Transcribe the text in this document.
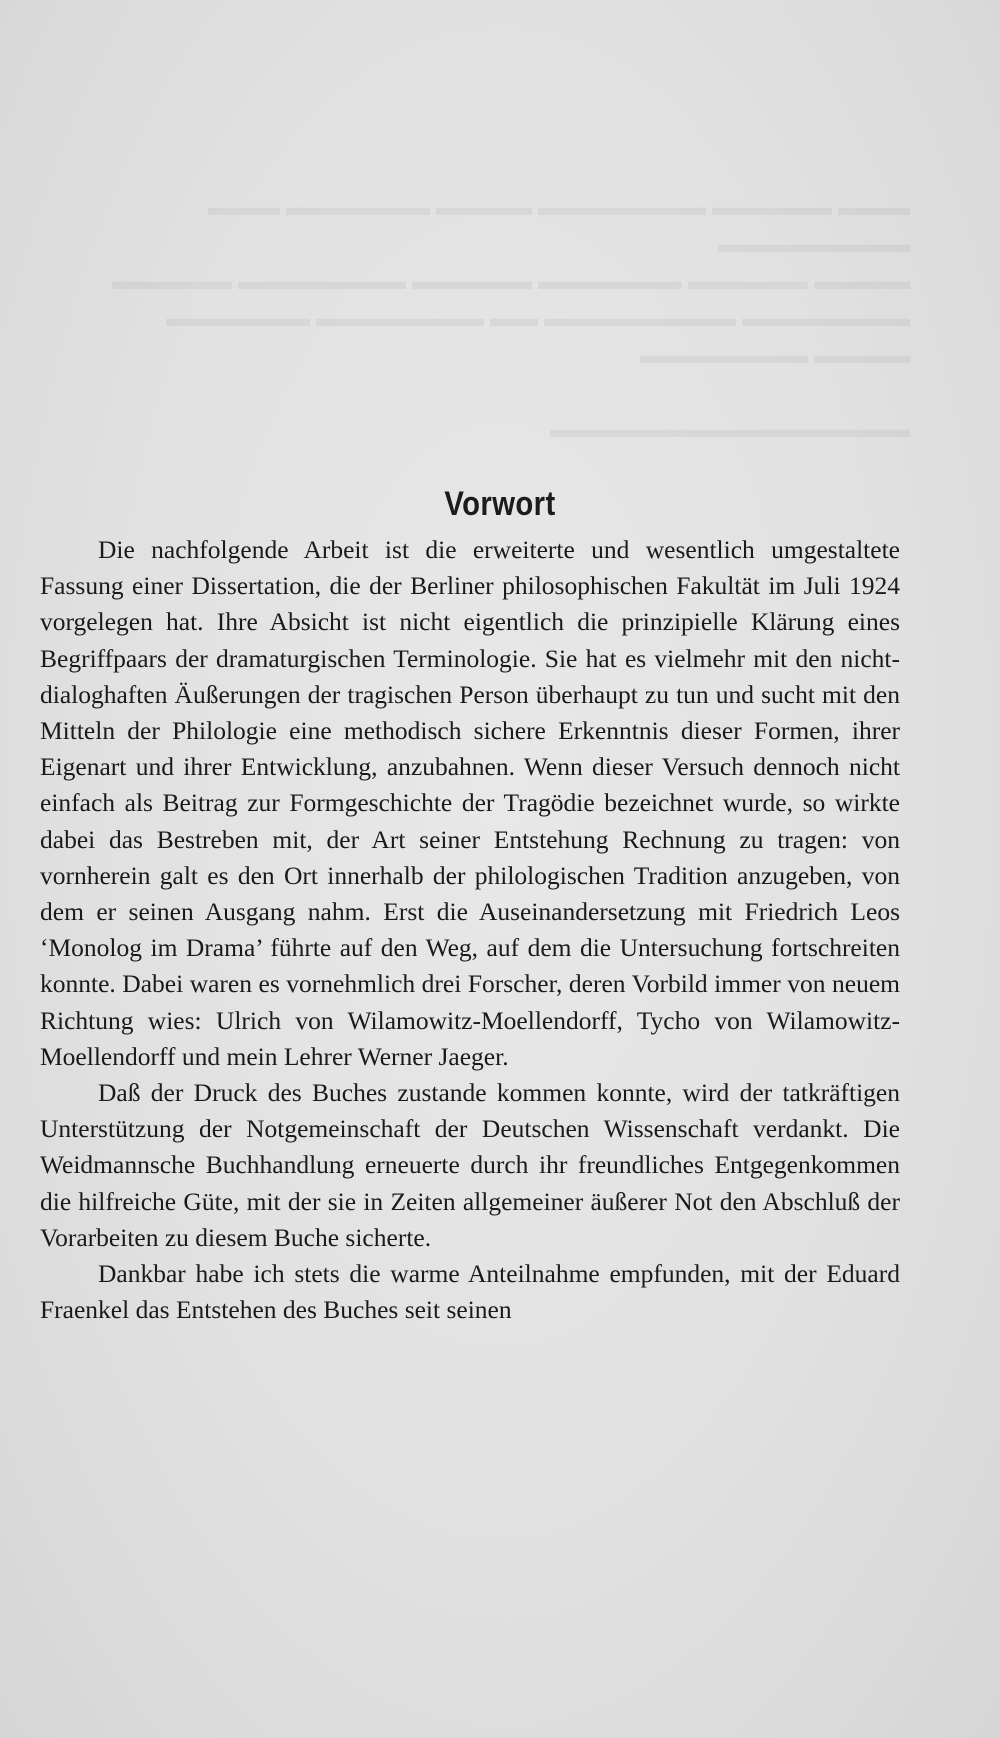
▬▬▬ ▬▬▬▬▬ ▬▬▬▬▬▬▬ ▬▬▬▬ ▬▬▬▬▬▬ ▬▬▬ ▬▬▬▬▬▬▬▬
▬▬▬▬ ▬▬▬▬▬ ▬▬▬▬▬▬ ▬▬▬▬▬ ▬▬▬▬▬▬▬ ▬▬▬▬▬
▬▬▬▬▬▬▬ ▬▬▬▬▬▬▬▬ ▬▬ ▬▬▬▬▬▬▬ ▬▬▬▬▬▬
▬▬▬▬ ▬▬▬▬▬▬▬

▬▬▬▬▬▬▬▬▬▬▬▬▬▬▬
Vorwort

Die nachfolgende Arbeit ist die erweiterte und wesentlich umgestaltete Fassung einer Dissertation, die der Berliner philosophischen Fakultät im Juli 1924 vorgelegen hat. Ihre Absicht ist nicht eigentlich die prinzipielle Klärung eines Begriffpaars der dramaturgischen Terminologie. Sie hat es vielmehr mit den nicht-dialoghaften Äußerungen der tragischen Person überhaupt zu tun und sucht mit den Mitteln der Philologie eine methodisch sichere Erkenntnis dieser Formen, ihrer Eigenart und ihrer Entwicklung, anzubahnen. Wenn dieser Versuch dennoch nicht einfach als Beitrag zur Formgeschichte der Tragödie bezeichnet wurde, so wirkte dabei das Bestreben mit, der Art seiner Entstehung Rechnung zu tragen: von vornherein galt es den Ort innerhalb der philologischen Tradition anzugeben, von dem er seinen Ausgang nahm. Erst die Auseinandersetzung mit Friedrich Leos ‘Monolog im Drama’ führte auf den Weg, auf dem die Untersuchung fortschreiten konnte. Dabei waren es vornehmlich drei Forscher, deren Vorbild immer von neuem Richtung wies: Ulrich von Wilamowitz-Moellendorff, Tycho von Wilamowitz-Moellendorff und mein Lehrer Werner Jaeger.

Daß der Druck des Buches zustande kommen konnte, wird der tatkräftigen Unterstützung der Notgemeinschaft der Deutschen Wissenschaft verdankt. Die Weidmannsche Buchhandlung erneuerte durch ihr freundliches Entgegenkommen die hilfreiche Güte, mit der sie in Zeiten allgemeiner äußerer Not den Abschluß der Vorarbeiten zu diesem Buche sicherte.

Dankbar habe ich stets die warme Anteilnahme empfunden, mit der Eduard Fraenkel das Entstehen des Buches seit seinen
